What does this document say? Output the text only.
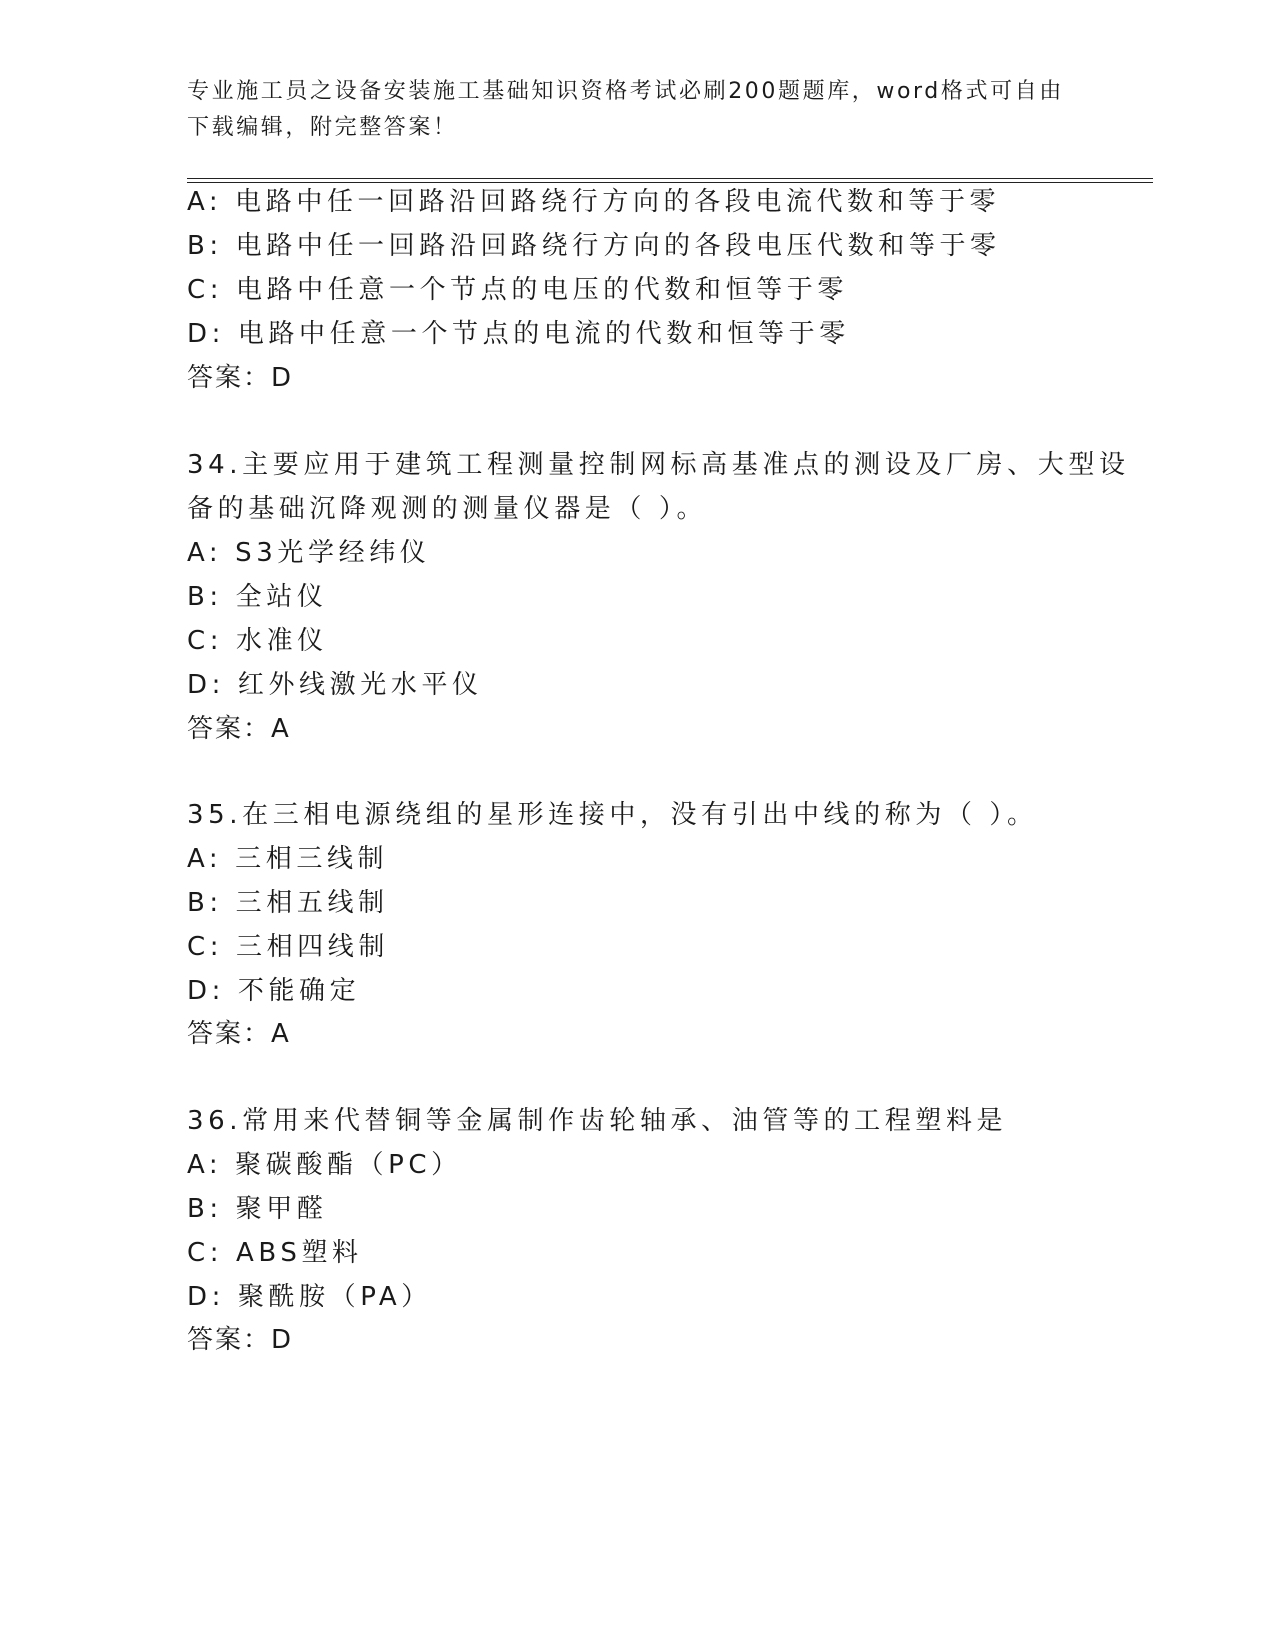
专业施工员之设备安装施工基础知识资格考试必刷200题题库，word格式可自由
下载编辑，附完整答案！
A: 电路中任一回路沿回路绕行方向的各段电流代数和等于零
B: 电路中任一回路沿回路绕行方向的各段电压代数和等于零
C: 电路中任意一个节点的电压的代数和恒等于零
D: 电路中任意一个节点的电流的代数和恒等于零
答案：D
34.主要应用于建筑工程测量控制网标高基准点的测设及厂房、大型设
备的基础沉降观测的测量仪器是（ ）。
A: S3光学经纬仪
B: 全站仪
C: 水准仪
D: 红外线激光水平仪
答案：A
35.在三相电源绕组的星形连接中，没有引出中线的称为（ ）。
A: 三相三线制
B: 三相五线制
C: 三相四线制
D: 不能确定
答案：A
36.常用来代替铜等金属制作齿轮轴承、油管等的工程塑料是
A: 聚碳酸酯（PC）
B: 聚甲醛
C: ABS塑料
D: 聚酰胺（PA）
答案：D
